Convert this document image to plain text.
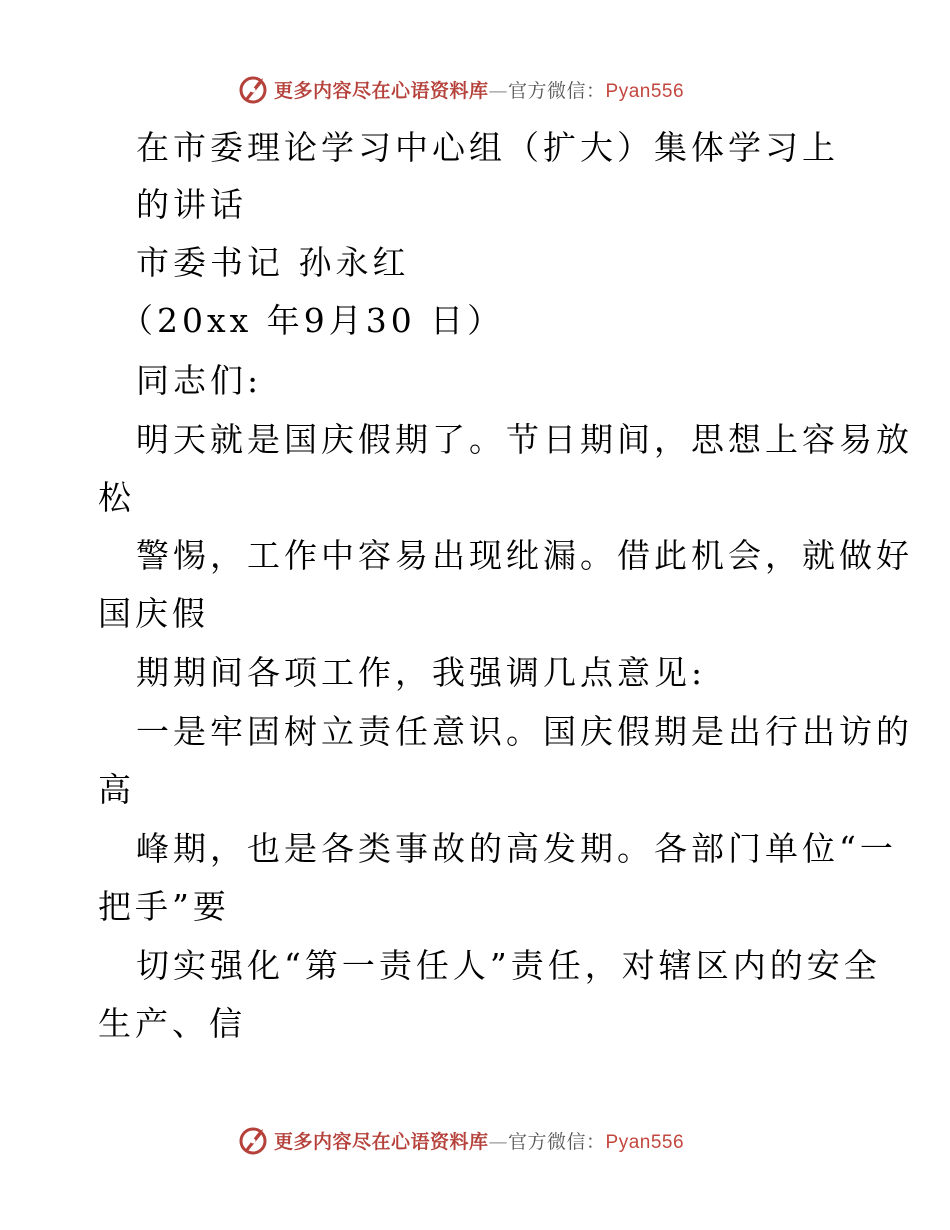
更多内容尽在心语资料库—官方微信：Pyan556
在市委理论学习中心组（扩大）集体学习上
的讲话
市委书记 孙永红
（20xx 年9月30 日）
同志们:
明天就是国庆假期了。节日期间，思想上容易放
松
警惕，工作中容易出现纰漏。借此机会，就做好
国庆假
期期间各项工作，我强调几点意见:
一是牢固树立责任意识。国庆假期是出行出访的
高
峰期，也是各类事故的高发期。各部门单位“一
把手”要
切实强化“第一责任人”责任，对辖区内的安全
生产、信
更多内容尽在心语资料库—官方微信：Pyan556
